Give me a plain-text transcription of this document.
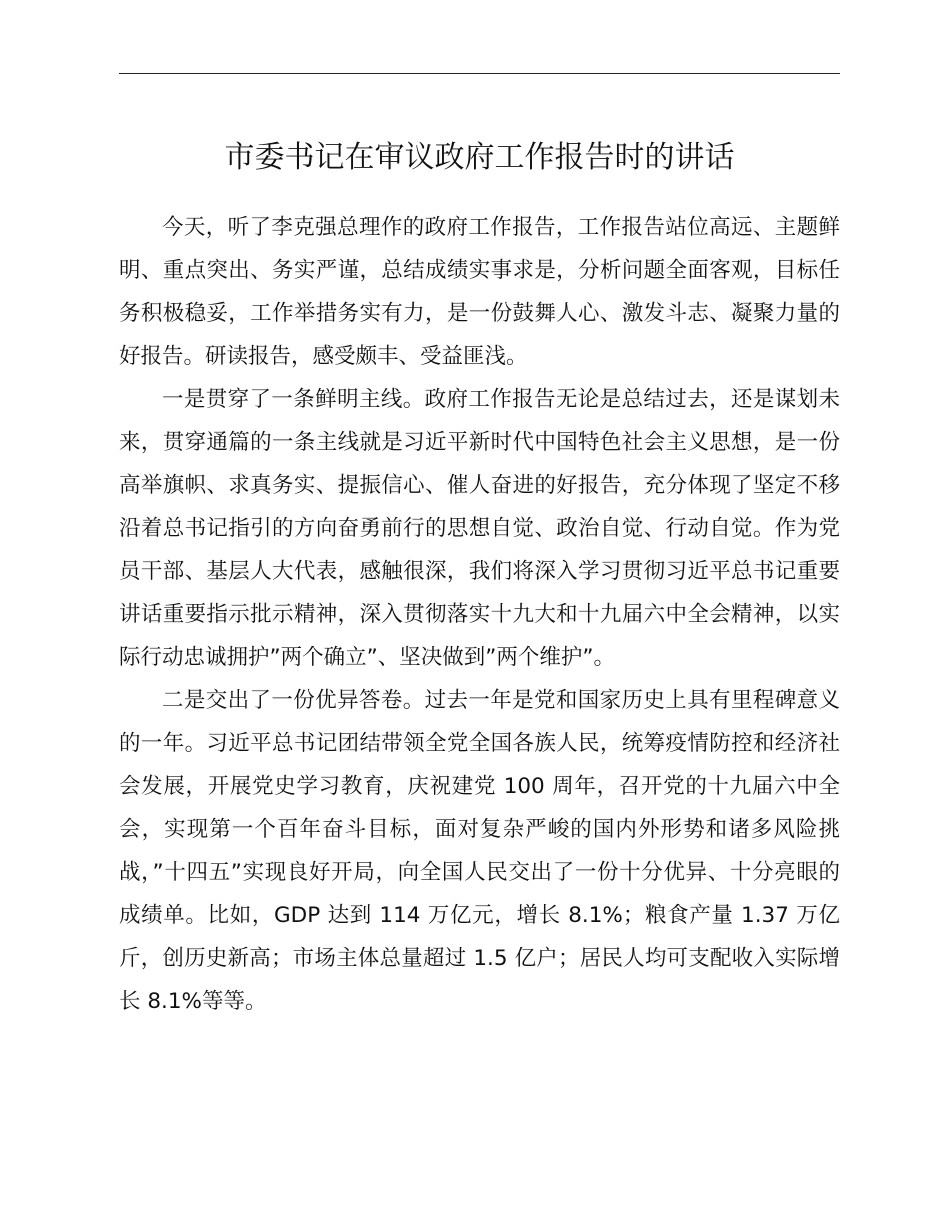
市委书记在审议政府工作报告时的讲话

今天，听了李克强总理作的政府工作报告，工作报告站位高远、主题鲜明、重点突出、务实严谨，总结成绩实事求是，分析问题全面客观，目标任务积极稳妥，工作举措务实有力，是一份鼓舞人心、激发斗志、凝聚力量的好报告。研读报告，感受颇丰、受益匪浅。

一是贯穿了一条鲜明主线。政府工作报告无论是总结过去，还是谋划未来，贯穿通篇的一条主线就是习近平新时代中国特色社会主义思想，是一份高举旗帜、求真务实、提振信心、催人奋进的好报告，充分体现了坚定不移沿着总书记指引的方向奋勇前行的思想自觉、政治自觉、行动自觉。作为党员干部、基层人大代表，感触很深，我们将深入学习贯彻习近平总书记重要讲话重要指示批示精神，深入贯彻落实十九大和十九届六中全会精神，以实际行动忠诚拥护”两个确立”、坚决做到”两个维护”。

二是交出了一份优异答卷。过去一年是党和国家历史上具有里程碑意义的一年。习近平总书记团结带领全党全国各族人民，统筹疫情防控和经济社会发展，开展党史学习教育，庆祝建党 100 周年，召开党的十九届六中全会，实现第一个百年奋斗目标，面对复杂严峻的国内外形势和诸多风险挑战，”十四五”实现良好开局，向全国人民交出了一份十分优异、十分亮眼的成绩单。比如，GDP 达到 114 万亿元，增长 8.1%；粮食产量 1.37 万亿斤，创历史新高；市场主体总量超过 1.5 亿户；居民人均可支配收入实际增长 8.1%等等。
